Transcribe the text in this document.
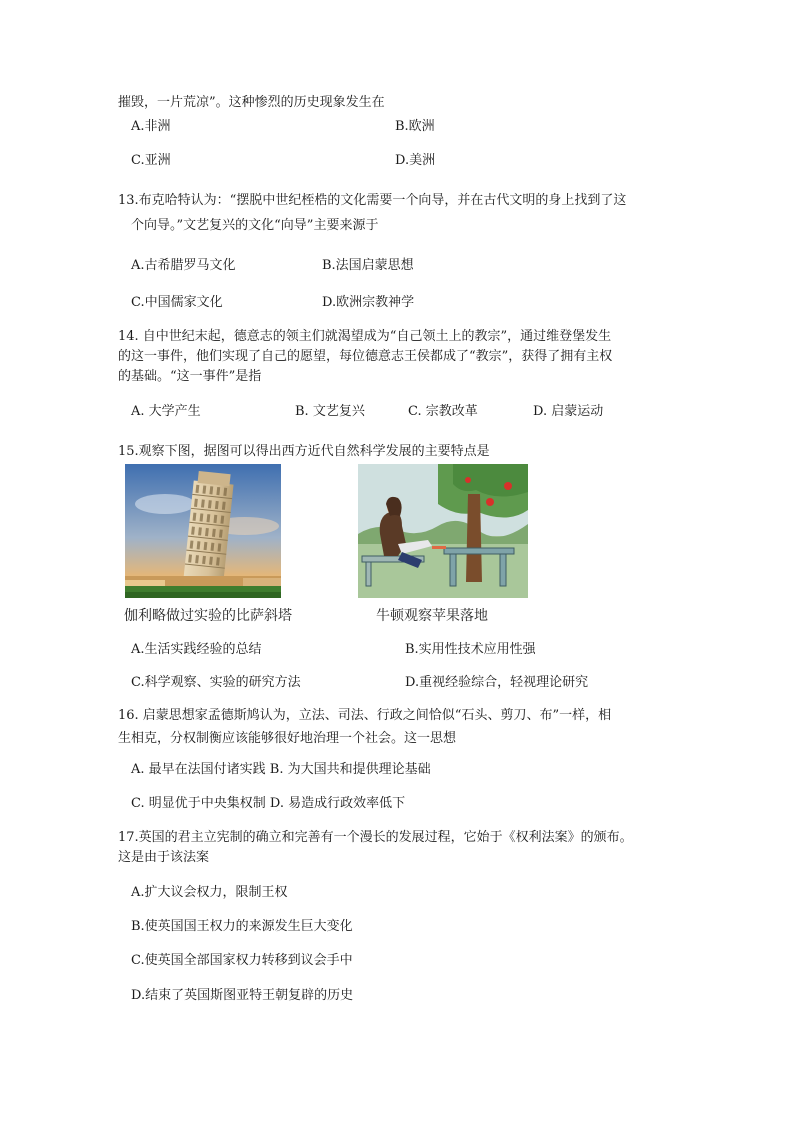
摧毁，一片荒凉”。这种惨烈的历史现象发生在
A.非洲	B.欧洲
C.亚洲	D.美洲
13.布克哈特认为：“摆脱中世纪桎梏的文化需要一个向导，并在古代文明的身上找到了这
个向导。”文艺复兴的文化“向导”主要来源于
A.古希腊罗马文化	B.法国启蒙思想
C.中国儒家文化	D.欧洲宗教神学
14. 自中世纪末起，德意志的领主们就渴望成为“自己领土上的教宗”，通过维登堡发生
的这一事件，他们实现了自己的愿望，每位德意志王侯都成了“教宗”，获得了拥有主权
的基础。“这一事件”是指
A. 大学产生	B. 文艺复兴	C. 宗教改革	D. 启蒙运动
15.观察下图，据图可以得出西方近代自然科学发展的主要特点是
伽利略做过实验的比萨斜塔	牛顿观察苹果落地
A.生活实践经验的总结	B.实用性技术应用性强
C.科学观察、实验的研究方法	D.重视经验综合，轻视理论研究
16. 启蒙思想家孟德斯鸠认为，立法、司法、行政之间恰似“石头、剪刀、布”一样，相
生相克，分权制衡应该能够很好地治理一个社会。这一思想
A. 最早在法国付诸实践 B. 为大国共和提供理论基础
C. 明显优于中央集权制 D. 易造成行政效率低下
17.英国的君主立宪制的确立和完善有一个漫长的发展过程，它始于《权利法案》的颁布。
这是由于该法案
A.扩大议会权力，限制王权
B.使英国国王权力的来源发生巨大变化
C.使英国全部国家权力转移到议会手中
D.结束了英国斯图亚特王朝复辟的历史
